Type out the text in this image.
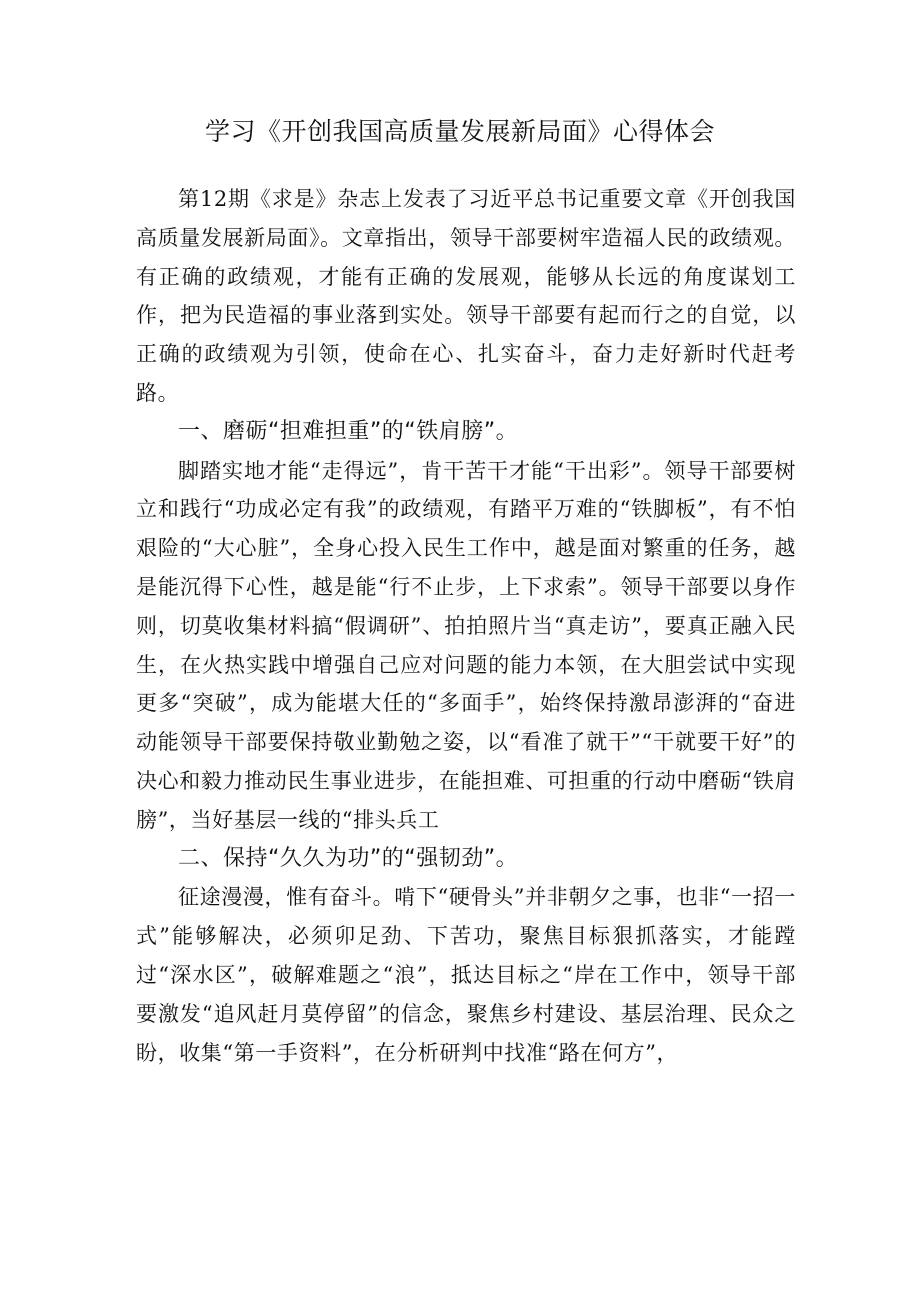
学习《开创我国高质量发展新局面》心得体会

第12期《求是》杂志上发表了习近平总书记重要文章《开创我国高质量发展新局面》。文章指出，领导干部要树牢造福人民的政绩观。有正确的政绩观，才能有正确的发展观，能够从长远的角度谋划工作，把为民造福的事业落到实处。领导干部要有起而行之的自觉，以正确的政绩观为引领，使命在心、扎实奋斗，奋力走好新时代赶考路。

一、磨砺“担难担重”的“铁肩膀”。

脚踏实地才能“走得远”，肯干苦干才能“干出彩”。领导干部要树立和践行“功成必定有我”的政绩观，有踏平万难的“铁脚板”，有不怕艰险的“大心脏”，全身心投入民生工作中，越是面对繁重的任务，越是能沉得下心性，越是能“行不止步，上下求索”。领导干部要以身作则，切莫收集材料搞“假调研”、拍拍照片当“真走访”，要真正融入民生，在火热实践中增强自己应对问题的能力本领，在大胆尝试中实现更多“突破”，成为能堪大任的“多面手”，始终保持激昂澎湃的“奋进动能领导干部要保持敬业勤勉之姿，以“看准了就干”“干就要干好”的决心和毅力推动民生事业进步，在能担难、可担重的行动中磨砺“铁肩膀”，当好基层一线的“排头兵工

二、保持“久久为功”的“强韧劲”。

征途漫漫，惟有奋斗。啃下“硬骨头”并非朝夕之事，也非“一招一式”能够解决，必须卯足劲、下苦功，聚焦目标狠抓落实，才能蹚过“深水区”，破解难题之“浪”，抵达目标之“岸在工作中，领导干部要激发“追风赶月莫停留”的信念，聚焦乡村建设、基层治理、民众之盼，收集“第一手资料”，在分析研判中找准“路在何方”，
